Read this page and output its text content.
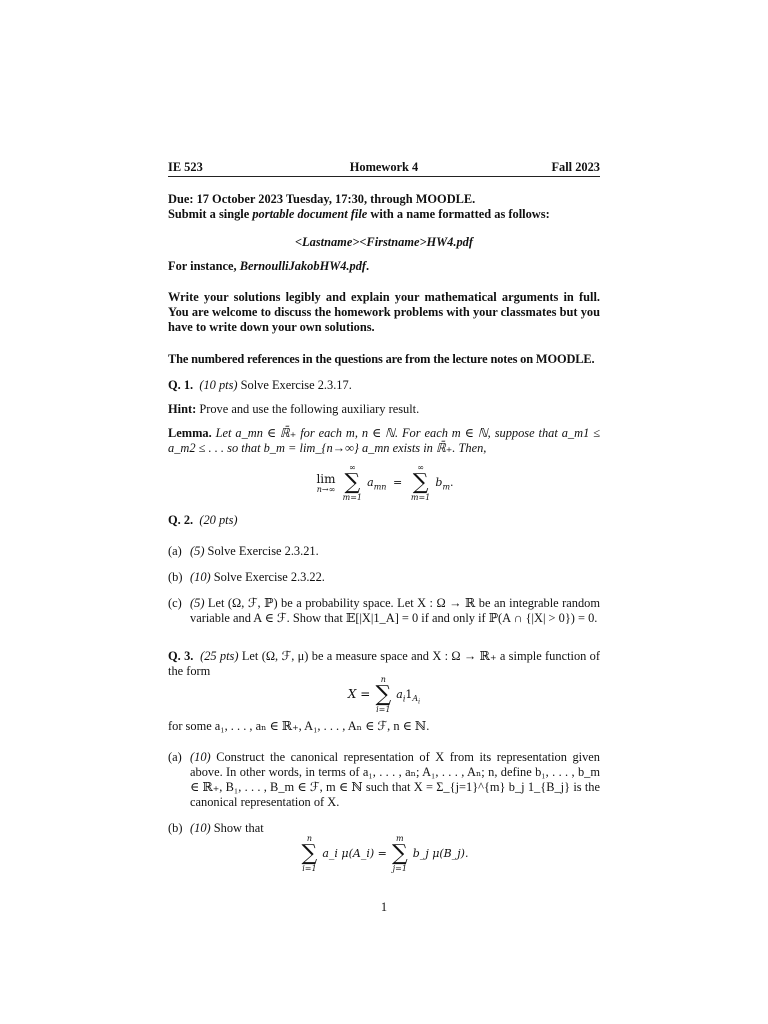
IE 523	Homework 4	Fall 2023
Due: 17 October 2023 Tuesday, 17:30, through MOODLE.
Submit a single portable document file with a name formatted as follows:
<Lastname><Firstname>HW4.pdf
For instance, BernoulliJakobHW4.pdf.
Write your solutions legibly and explain your mathematical arguments in full. You are welcome to discuss the homework problems with your classmates but you have to write down your own solutions.
The numbered references in the questions are from the lecture notes on MOODLE.
Q. 1. (10 pts) Solve Exercise 2.3.17.
Hint: Prove and use the following auxiliary result.
Lemma. Let a_mn ∈ ℝ̄₊ for each m, n ∈ ℕ. For each m ∈ ℕ, suppose that a_m1 ≤
a_m2 ≤ . . . so that b_m = lim_{n→∞} a_mn exists in ℝ̄₊. Then,
lim
n→∞

∞
∑
m=1
$a_{mn}$  =
∞
∑
m=1
$b_m$.
Q. 2. (20 pts)
(a) (5) Solve Exercise 2.3.21.
(b) (10) Solve Exercise 2.3.22.
(c) (5) Let (Ω, ℱ, ℙ) be a probability space. Let X : Ω → ℝ be an integrable random variable and A ∈ ℱ. Show that 𝔼[|X|1_A] = 0 if and only if ℙ(A ∩ {|X| > 0}) = 0.
Q. 3. (25 pts) Let (Ω, ℱ, μ) be a measure space and X : Ω → ℝ₊ a simple function of the form
X =
n
∑
i=1
$a_i1_{A_i}$
for some a₁, . . . , aₙ ∈ ℝ₊, A₁, . . . , Aₙ ∈ ℱ, n ∈ ℕ.
(a) (10) Construct the canonical representation of X from its representation given above. In other words, in terms of a₁, . . . , aₙ; A₁, . . . , Aₙ; n, define b₁, . . . , b_m ∈ ℝ₊, B₁, . . . , B_m ∈ ℱ, m ∈ ℕ such that X = Σ_{j=1}^{m} b_j 1_{B_j} is the canonical representation of X.
(b) (10) Show that
n
∑
i=1
a_i μ(A_i) =
m
∑
j=1
b_j μ(B_j).
1
